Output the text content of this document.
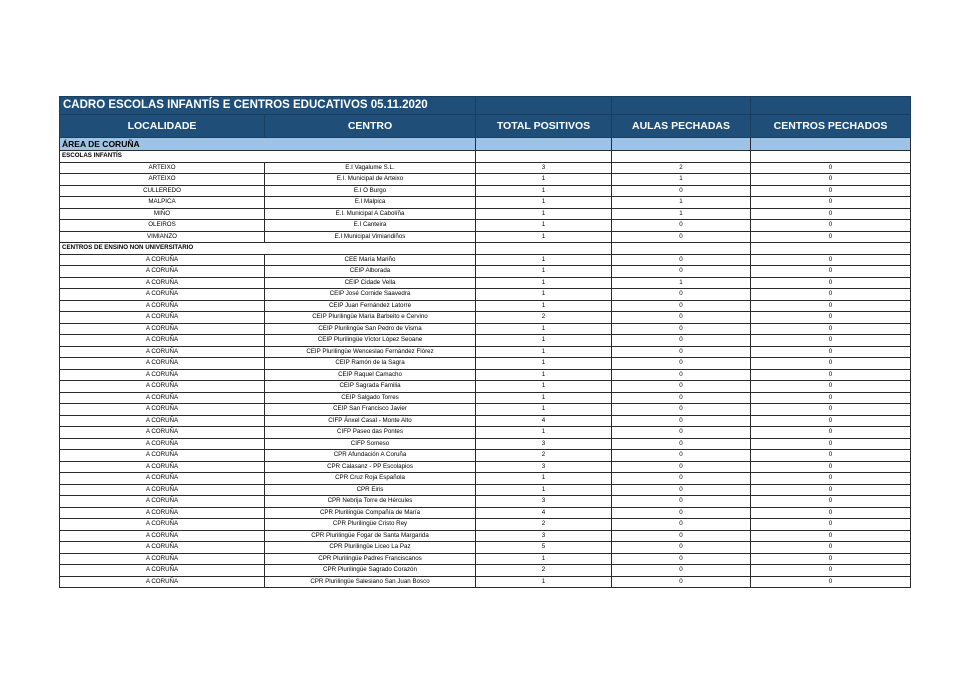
CADRO ESCOLAS INFANTÍS E CENTROS EDUCATIVOS 05.11.2020				
LOCALIDADE	CENTRO	TOTAL POSITIVOS	AULAS PECHADAS	CENTROS PECHADOS
ÁREA DE CORUÑA				
ESCOLAS INFANTÍS				
ARTEIXO	E.I Vagalume S.L.	3	2	0
ARTEIXO	E.I. Municipal de Arteixo	1	1	0
CULLEREDO	E.I O Burgo	1	0	0
MALPICA	E.I Malpica	1	1	0
MIÑO	E.I. Municipal A Cabolíña	1	1	0
OLEIROS	E.I Canteira	1	0	0
VIMIANZO	E.I Municipal Vimiandiños	1	0	0
CENTROS DE ENSINO NON UNIVERSITARIO				
A CORUÑA	CEE María Mariño	1	0	0
A CORUÑA	CEIP Alborada	1	0	0
A CORUÑA	CEIP Cidade Vella	1	1	0
A CORUÑA	CEIP José Cornide Saavedra	1	0	0
A CORUÑA	CEIP Juan Fernández Latorre	1	0	0
A CORUÑA	CEIP Plurilingüe María Barbeito e Cervino	2	0	0
A CORUÑA	CEIP Plurilingüe San Pedro de Visma	1	0	0
A CORUÑA	CEIP Plurilingüe Víctor López Seoane	1	0	0
A CORUÑA	CEIP Plurilingüe Wenceslao Fernández Flórez	1	0	0
A CORUÑA	CEIP Ramón de la Sagra	1	0	0
A CORUÑA	CEIP Raquel Camacho	1	0	0
A CORUÑA	CEIP Sagrada Familia	1	0	0
A CORUÑA	CEIP Salgado Torres	1	0	0
A CORUÑA	CEIP San Francisco Javier	1	0	0
A CORUÑA	CIFP Ánxel Casal - Monte Alto	4	0	0
A CORUÑA	CIFP Paseo das Pontes	1	0	0
A CORUÑA	CIFP Someso	3	0	0
A CORUÑA	CPR Afundación A Coruña	2	0	0
A CORUÑA	CPR Calasanz - PP Escolapios	3	0	0
A CORUÑA	CPR Cruz Roja Española	1	0	0
A CORUÑA	CPR Eiris	1	0	0
A CORUÑA	CPR Nebrija Torre de Hércules	3	0	0
A CORUÑA	CPR Plurilingüe Compañía de María	4	0	0
A CORUÑA	CPR Plurilingüe Cristo Rey	2	0	0
A CORUÑA	CPR Plurilingüe Fogar de Santa Margarida	3	0	0
A CORUÑA	CPR Plurilingüe Liceo La Paz	5	0	0
A CORUÑA	CPR Plurilingüe Padres Franciscanos	1	0	0
A CORUÑA	CPR Plurilingüe Sagrado Corazón	2	0	0
A CORUÑA	CPR Plurilingüe Salesiano San Juan Bosco	1	0	0
